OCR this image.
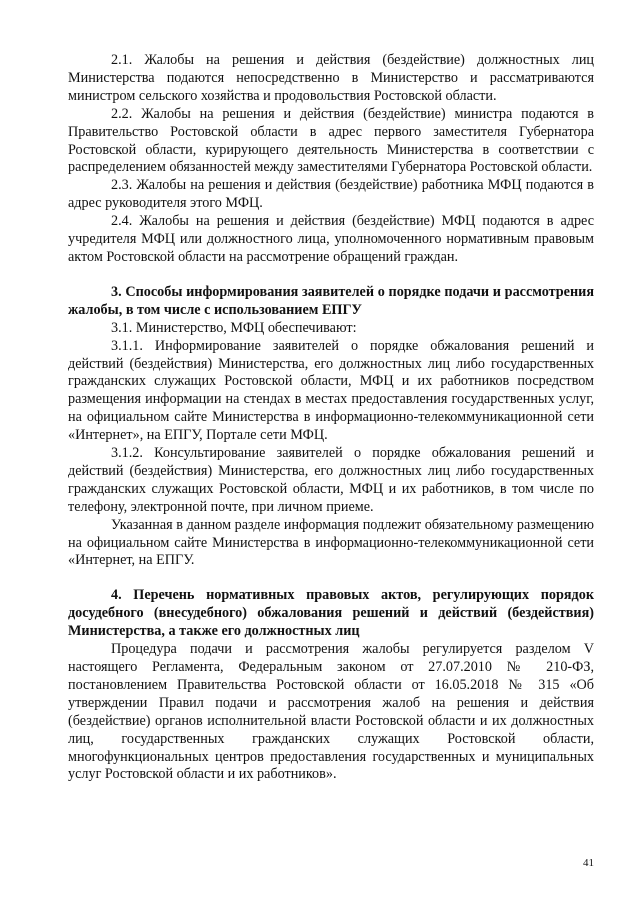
2.1. Жалобы на решения и действия (бездействие) должностных лиц Министерства подаются непосредственно в Министерство и рассматриваются министром сельского хозяйства и продовольствия Ростовской области.

2.2. Жалобы на решения и действия (бездействие) министра подаются в Правительство Ростовской области в адрес первого заместителя Губернатора Ростовской области, курирующего деятельность Министерства в соответствии с распределением обязанностей между заместителями Губернатора Ростовской области.

2.3. Жалобы на решения и действия (бездействие) работника МФЦ подаются в адрес руководителя этого МФЦ.

2.4. Жалобы на решения и действия (бездействие) МФЦ подаются в адрес учредителя МФЦ или должностного лица, уполномоченного нормативным правовым актом Ростовской области на рассмотрение обращений граждан.

3. Способы информирования заявителей о порядке подачи и рассмотрения жалобы, в том числе с использованием ЕПГУ

3.1. Министерство, МФЦ обеспечивают:

3.1.1. Информирование заявителей о порядке обжалования решений и действий (бездействия) Министерства, его должностных лиц либо государственных гражданских служащих Ростовской области, МФЦ и их работников посредством размещения информации на стендах в местах предоставления государственных услуг, на официальном сайте Министерства в информационно-телекоммуникационной сети «Интернет», на ЕПГУ, Портале сети МФЦ.

3.1.2. Консультирование заявителей о порядке обжалования решений и действий (бездействия) Министерства, его должностных лиц либо государственных гражданских служащих Ростовской области, МФЦ и их работников, в том числе по телефону, электронной почте, при личном приеме.

Указанная в данном разделе информация подлежит обязательному размещению на официальном сайте Министерства в информационно-телекоммуникационной сети «Интернет, на ЕПГУ.

4. Перечень нормативных правовых актов, регулирующих порядок досудебного (внесудебного) обжалования решений и действий (бездействия) Министерства, а также его должностных лиц

Процедура подачи и рассмотрения жалобы регулируется разделом V настоящего Регламента, Федеральным законом от 27.07.2010 № 210-ФЗ, постановлением Правительства Ростовской области от 16.05.2018 № 315 «Об утверждении Правил подачи и рассмотрения жалоб на решения и действия (бездействие) органов исполнительной власти Ростовской области и их должностных лиц, государственных гражданских служащих Ростовской области, многофункциональных центров предоставления государственных и муниципальных услуг Ростовской области и их работников».

41
